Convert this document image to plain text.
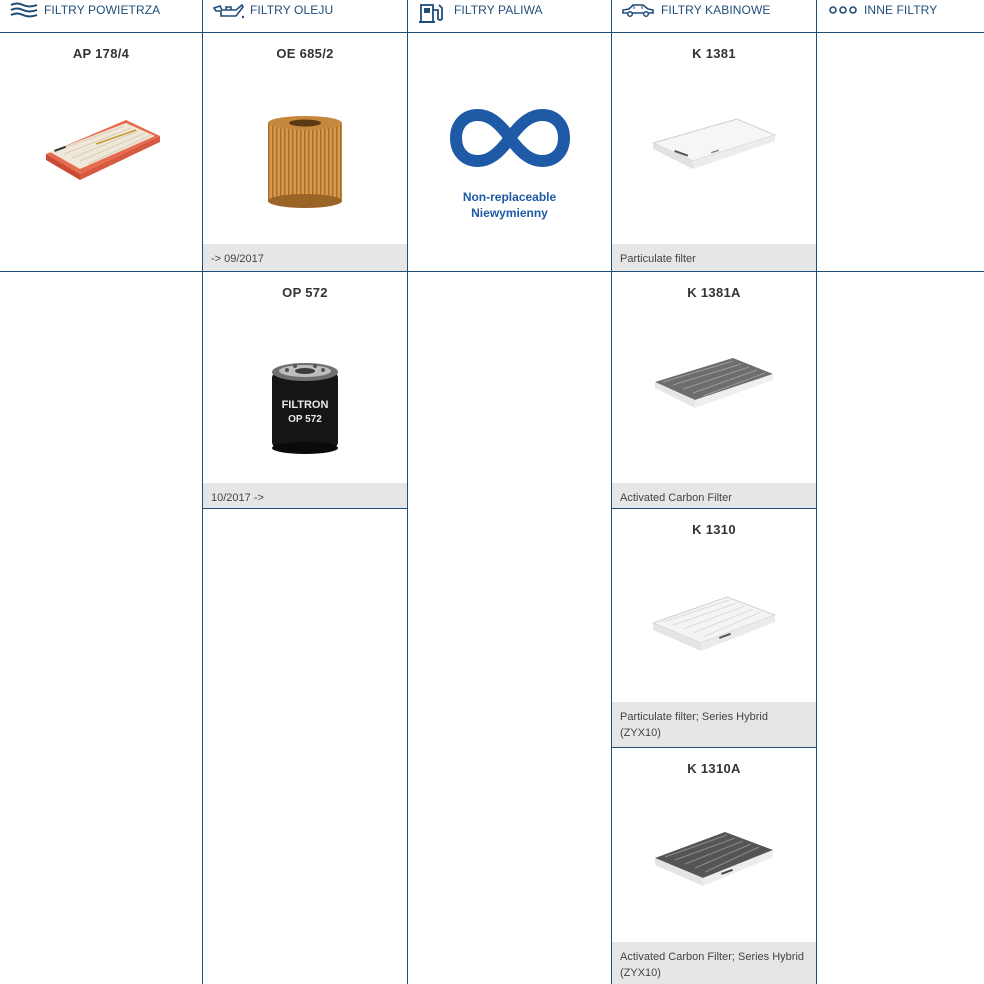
FILTRY POWIETRZA	FILTRY OLEJU	FILTRY PALIWA	FILTRY KABINOWE	INNE FILTRY
AP 178/4	OE 685/2
-> 09/2017
Non-replaceable
Niewymienny
K 1381
Particulate filter
OP 572
FILTRON
OP 572
10/2017 ->
K 1381A
Activated Carbon Filter
K 1310
Particulate filter; Series Hybrid (ZYX10)
K 1310A
Activated Carbon Filter; Series Hybrid (ZYX10)
